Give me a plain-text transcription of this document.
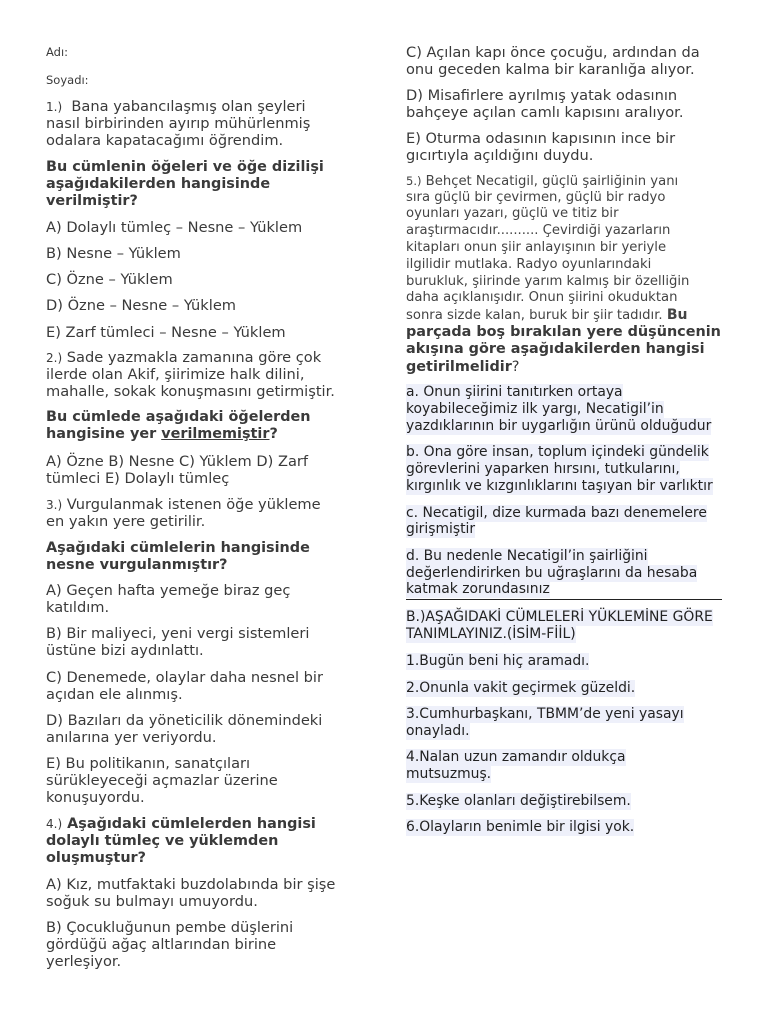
Adı:

Soyadı:

1.) Bana yabancılaşmış olan şeyleri

nasıl birbirinden ayırıp mühürlenmiş

odalara kapatacağımı öğrendim.

Bu cümlenin öğeleri ve öğe dizilişi

aşağıdakilerden hangisinde

verilmiştir?

A) Dolaylı tümleç – Nesne – Yüklem

B) Nesne – Yüklem

C) Özne – Yüklem

D) Özne – Nesne – Yüklem

E) Zarf tümleci – Nesne – Yüklem

2.) Sade yazmakla zamanına göre çok

ilerde olan Akif, şiirimize halk dilini,

mahalle, sokak konuşmasını getirmiştir.

Bu cümlede aşağıdaki öğelerden

hangisine yer verilmemiştir?

A) Özne B) Nesne C) Yüklem D) Zarf

tümleci E) Dolaylı tümleç

3.) Vurgulanmak istenen öğe yükleme

en yakın yere getirilir.

Aşağıdaki cümlelerin hangisinde

nesne vurgulanmıştır?

A) Geçen hafta yemeğe biraz geç

katıldım.

B) Bir maliyeci, yeni vergi sistemleri

üstüne bizi aydınlattı.

C) Denemede, olaylar daha nesnel bir

açıdan ele alınmış.

D) Bazıları da yöneticilik dönemindeki

anılarına yer veriyordu.

E) Bu politikanın, sanatçıları

sürükleyeceği açmazlar üzerine

konuşuyordu.

4.) Aşağıdaki cümlelerden hangisi

dolaylı tümleç ve yüklemden

oluşmuştur?

A) Kız, mutfaktaki buzdolabında bir şişe

soğuk su bulmayı umuyordu.

B) Çocukluğunun pembe düşlerini

gördüğü ağaç altlarından birine

yerleşiyor.

C) Açılan kapı önce çocuğu, ardından da

onu geceden kalma bir karanlığa alıyor.

D) Misafirlere ayrılmış yatak odasının

bahçeye açılan camlı kapısını aralıyor.

E) Oturma odasının kapısının ince bir

gıcırtıyla açıldığını duydu.

5.) Behçet Necatigil, güçlü şairliğinin yanı

sıra güçlü bir çevirmen, güçlü bir radyo

oyunları yazarı, güçlü ve titiz bir

araştırmacıdır.......... Çevirdiği yazarların

kitapları onun şiir anlayışının bir yeriyle

ilgilidir mutlaka. Radyo oyunlarındaki

burukluk, şiirinde yarım kalmış bir özelliğin

daha açıklanışıdır. Onun şiirini okuduktan

sonra sizde kalan, buruk bir şiir tadıdır. Bu

parçada boş bırakılan yere düşüncenin

akışına göre aşağıdakilerden hangisi

getirilmelidir?

a. Onun şiirini tanıtırken ortaya

koyabileceğimiz ilk yargı, Necatigil’in

yazdıklarının bir uygarlığın ürünü olduğudur

b. Ona göre insan, toplum içindeki gündelik

görevlerini yaparken hırsını, tutkularını,

kırgınlık ve kızgınlıklarını taşıyan bir varlıktır

c. Necatigil, dize kurmada bazı denemelere

girişmiştir

d. Bu nedenle Necatigil’in şairliğini

değerlendirirken bu uğraşlarını da hesaba

katmak zorundasınız

B.)AŞAĞIDAKİ CÜMLELERİ YÜKLEMİNE GÖRE

TANIMLAYINIZ.(İSİM-FİİL)

1.Bugün beni hiç aramadı.

2.Onunla vakit geçirmek güzeldi.

3.Cumhurbaşkanı, TBMM’de yeni yasayı

onayladı.

4.Nalan uzun zamandır oldukça

mutsuzmuş.

5.Keşke olanları değiştirebilsem.

6.Olayların benimle bir ilgisi yok.
